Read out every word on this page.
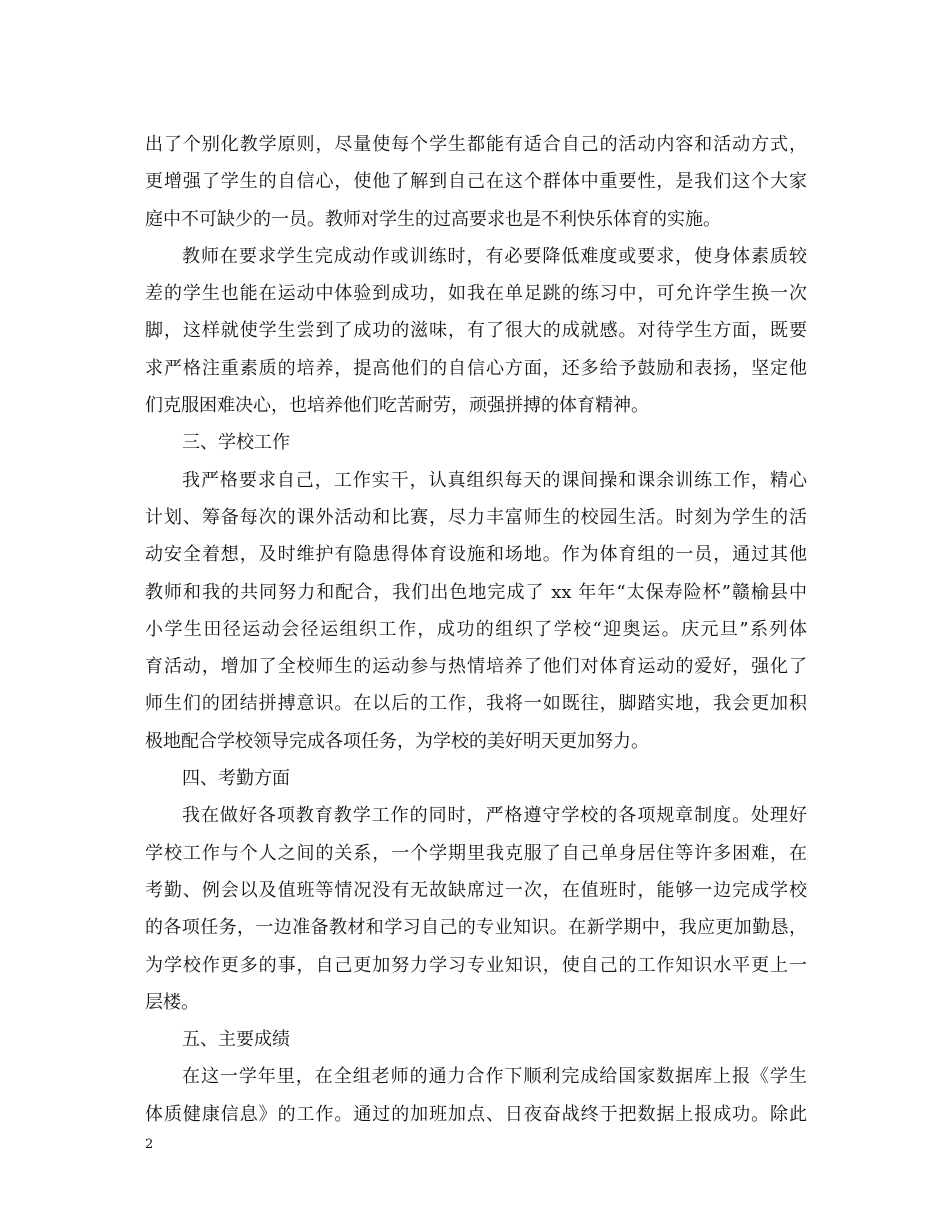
出了个别化教学原则，尽量使每个学生都能有适合自己的活动内容和活动方式，
更增强了学生的自信心，使他了解到自己在这个群体中重要性，是我们这个大家
庭中不可缺少的一员。教师对学生的过高要求也是不利快乐体育的实施。
教师在要求学生完成动作或训练时，有必要降低难度或要求，使身体素质较
差的学生也能在运动中体验到成功，如我在单足跳的练习中，可允许学生换一次
脚，这样就使学生尝到了成功的滋味，有了很大的成就感。对待学生方面，既要
求严格注重素质的培养，提高他们的自信心方面，还多给予鼓励和表扬，坚定他
们克服困难决心，也培养他们吃苦耐劳，顽强拼搏的体育精神。
三、学校工作
我严格要求自己，工作实干，认真组织每天的课间操和课余训练工作，精心
计划、筹备每次的课外活动和比赛，尽力丰富师生的校园生活。时刻为学生的活
动安全着想，及时维护有隐患得体育设施和场地。作为体育组的一员，通过其他
教师和我的共同努力和配合，我们出色地完成了 xx 年年“太保寿险杯”赣榆县中
小学生田径运动会径运组织工作，成功的组织了学校“迎奥运。庆元旦”系列体
育活动，增加了全校师生的运动参与热情培养了他们对体育运动的爱好，强化了
师生们的团结拼搏意识。在以后的工作，我将一如既往，脚踏实地，我会更加积
极地配合学校领导完成各项任务，为学校的美好明天更加努力。
四、考勤方面
我在做好各项教育教学工作的同时，严格遵守学校的各项规章制度。处理好
学校工作与个人之间的关系，一个学期里我克服了自己单身居住等许多困难，在
考勤、例会以及值班等情况没有无故缺席过一次，在值班时，能够一边完成学校
的各项任务，一边准备教材和学习自己的专业知识。在新学期中，我应更加勤恳，
为学校作更多的事，自己更加努力学习专业知识，使自己的工作知识水平更上一
层楼。
五、主要成绩
在这一学年里，在全组老师的通力合作下顺利完成给国家数据库上报《学生
体质健康信息》的工作。通过的加班加点、日夜奋战终于把数据上报成功。除此
2
